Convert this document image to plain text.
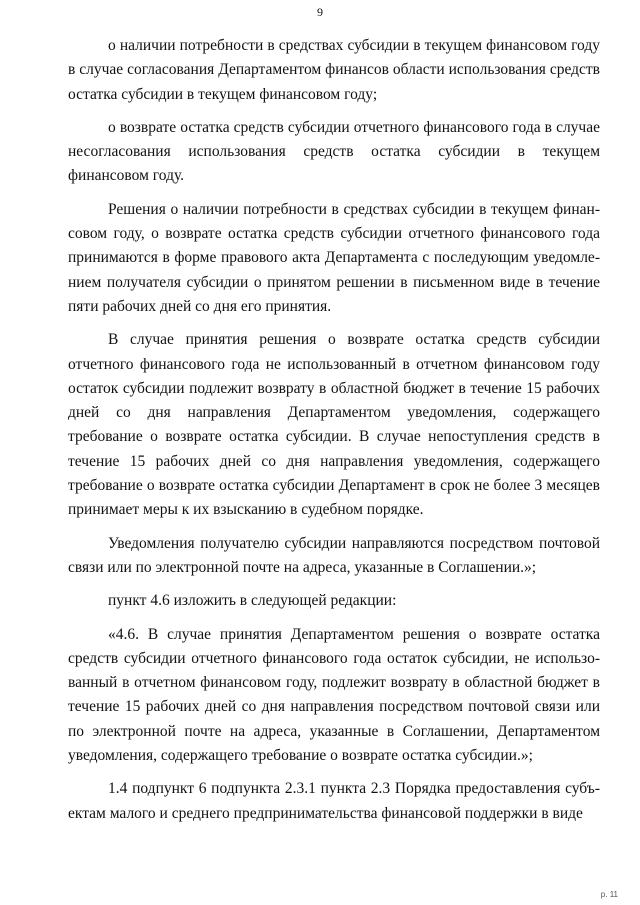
9

о наличии потребности в средствах субсидии в текущем финансовом году в случае согласования Департаментом финансов области использования средств остатка субсидии в текущем финансовом году;

о возврате остатка средств субсидии отчетного финансового года в случае несогласования использования средств остатка субсидии в текущем финансовом году.

Решения о наличии потребности в средствах субсидии в текущем финансовом году, о возврате остатка средств субсидии отчетного финансового года принимаются в форме правового акта Департамента с последующим уведомлением получателя субсидии о принятом решении в письменном виде в течение пяти рабочих дней со дня его принятия.

В случае принятия решения о возврате остатка средств субсидии отчетного финансового года не использованный в отчетном финансовом году остаток субсидии подлежит возврату в областной бюджет в течение 15 рабочих дней со дня направления Департаментом уведомления, содержащего требование о возврате остатка субсидии. В случае непоступления средств в течение 15 рабочих дней со дня направления уведомления, содержащего требование о возврате остатка субсидии Департамент в срок не более 3 месяцев принимает меры к их взысканию в судебном порядке.

Уведомления получателю субсидии направляются посредством почтовой связи или по электронной почте на адреса, указанные в Соглашении.»;

пункт 4.6 изложить в следующей редакции:

«4.6. В случае принятия Департаментом решения о возврате остатка средств субсидии отчетного финансового года остаток субсидии, не использованный в отчетном финансовом году, подлежит возврату в областной бюджет в течение 15 рабочих дней со дня направления посредством почтовой связи или по электронной почте на адреса, указанные в Соглашении, Департаментом уведомления, содержащего требование о возврате остатка субсидии.»;

1.4 подпункт 6 подпункта 2.3.1 пункта 2.3 Порядка предоставления субъектам малого и среднего предпринимательства финансовой поддержки в виде

р. 11
